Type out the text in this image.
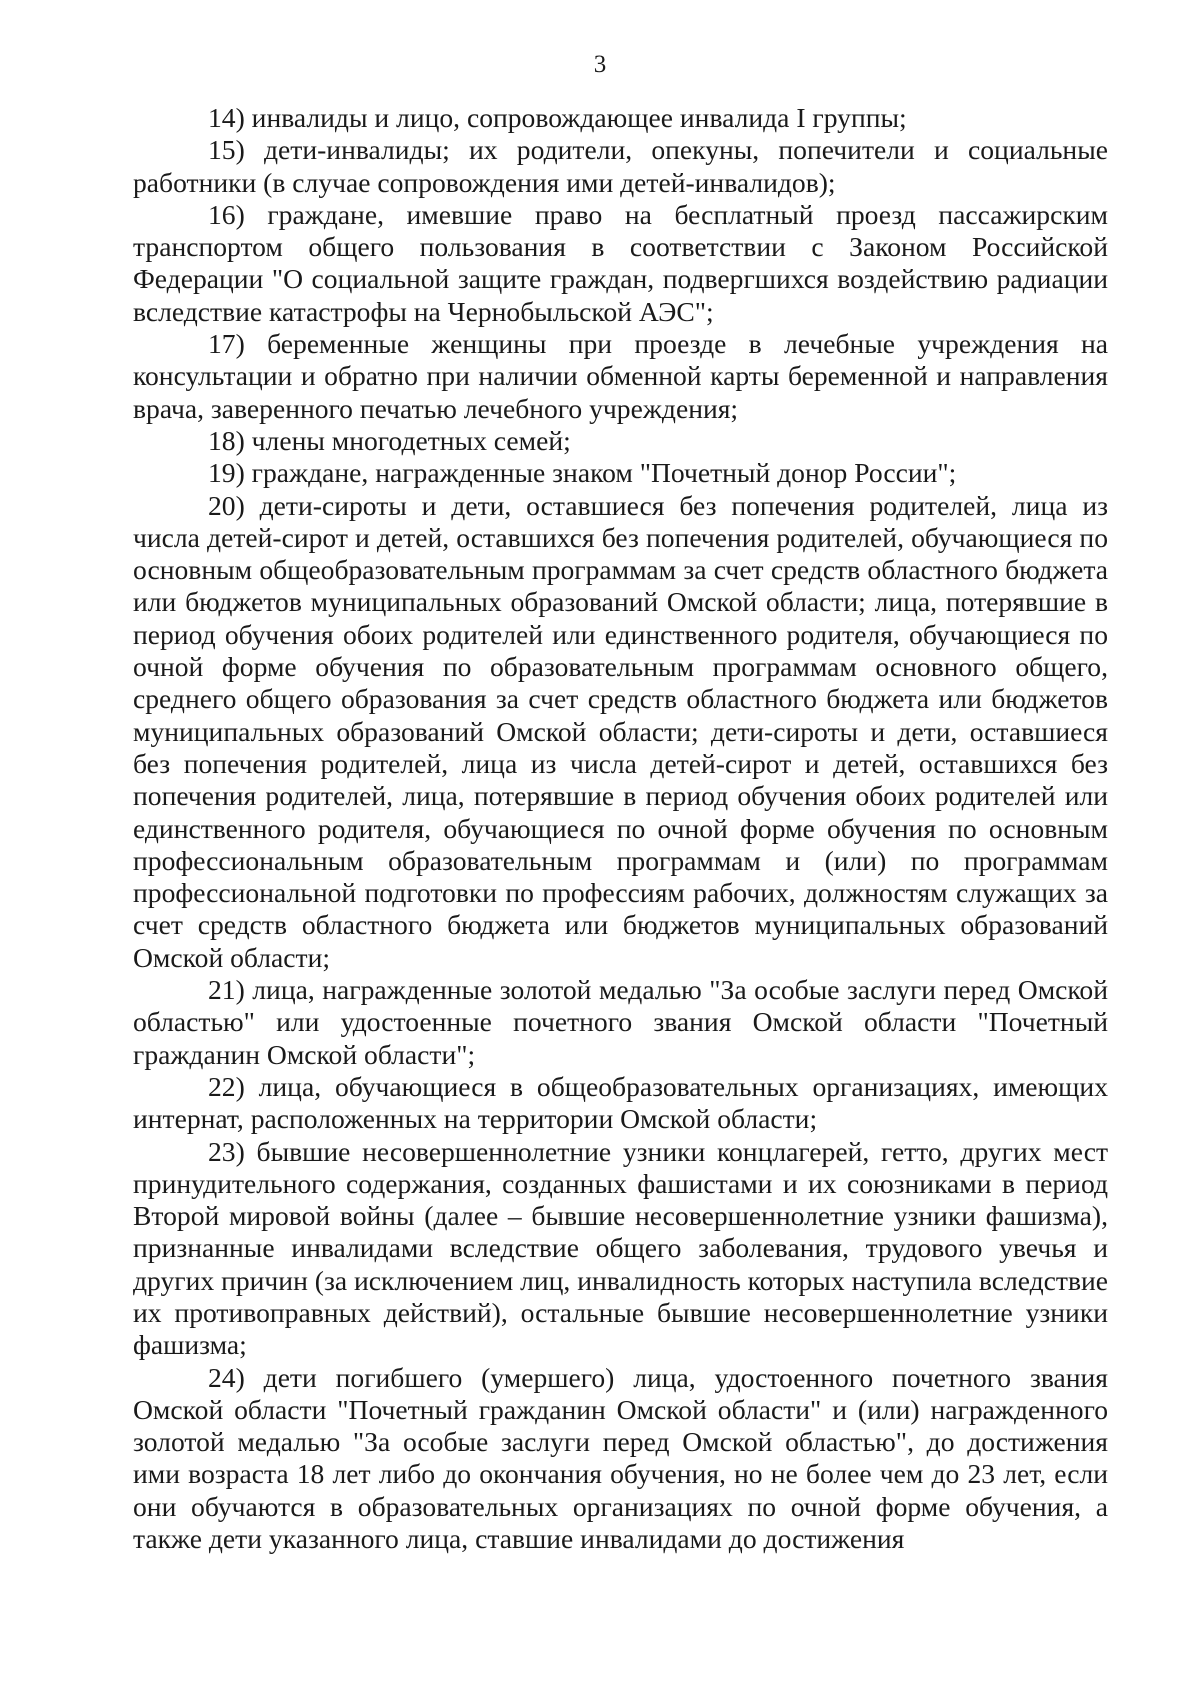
3

14) инвалиды и лицо, сопровождающее инвалида I группы;

15) дети-инвалиды; их родители, опекуны, попечители и социальные работники (в случае сопровождения ими детей-инвалидов);

16) граждане, имевшие право на бесплатный проезд пассажирским транспортом общего пользования в соответствии с Законом Российской Федерации "О социальной защите граждан, подвергшихся воздействию радиации вследствие катастрофы на Чернобыльской АЭС";

17) беременные женщины при проезде в лечебные учреждения на консультации и обратно при наличии обменной карты беременной и направления врача, заверенного печатью лечебного учреждения;

18) члены многодетных семей;

19) граждане, награжденные знаком "Почетный донор России";

20) дети-сироты и дети, оставшиеся без попечения родителей, лица из числа детей-сирот и детей, оставшихся без попечения родителей, обучающиеся по основным общеобразовательным программам за счет средств областного бюджета или бюджетов муниципальных образований Омской области; лица, потерявшие в период обучения обоих родителей или единственного родителя, обучающиеся по очной форме обучения по образовательным программам основного общего, среднего общего образования за счет средств областного бюджета или бюджетов муниципальных образований Омской области; дети-сироты и дети, оставшиеся без попечения родителей, лица из числа детей-сирот и детей, оставшихся без попечения родителей, лица, потерявшие в период обучения обоих родителей или единственного родителя, обучающиеся по очной форме обучения по основным профессиональным образовательным программам и (или) по программам профессиональной подготовки по профессиям рабочих, должностям служащих за счет средств областного бюджета или бюджетов муниципальных образований Омской области;

21) лица, награжденные золотой медалью "За особые заслуги перед Омской областью" или удостоенные почетного звания Омской области "Почетный гражданин Омской области";

22) лица, обучающиеся в общеобразовательных организациях, имеющих интернат, расположенных на территории Омской области;

23) бывшие несовершеннолетние узники концлагерей, гетто, других мест принудительного содержания, созданных фашистами и их союзниками в период Второй мировой войны (далее – бывшие несовершеннолетние узники фашизма), признанные инвалидами вследствие общего заболевания, трудового увечья и других причин (за исключением лиц, инвалидность которых наступила вследствие их противоправных действий), остальные бывшие несовершеннолетние узники фашизма;

24) дети погибшего (умершего) лица, удостоенного почетного звания Омской области "Почетный гражданин Омской области" и (или) награжденного золотой медалью "За особые заслуги перед Омской областью", до достижения ими возраста 18 лет либо до окончания обучения, но не более чем до 23 лет, если они обучаются в образовательных организациях по очной форме обучения, а также дети указанного лица, ставшие инвалидами до достижения
